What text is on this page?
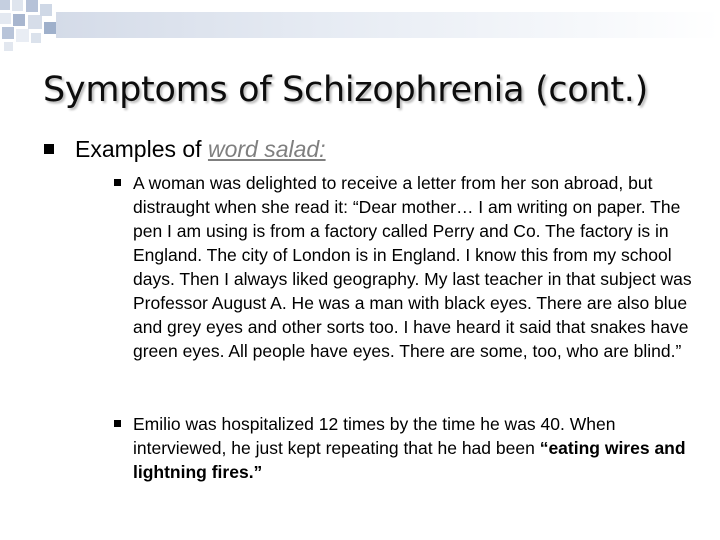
Symptoms of Schizophrenia (cont.)
Examples of word salad:
A woman was delighted to receive a letter from her son abroad, but distraught when she read it: “Dear mother… I am writing on paper. The pen I am using is from a factory called Perry and Co. The factory is in England. The city of London is in England. I know this from my school days. Then I always liked geography. My last teacher in that subject was Professor August A. He was a man with black eyes. There are also blue and grey eyes and other sorts too. I have heard it said that snakes have green eyes. All people have eyes. There are some, too, who are blind.”
Emilio was hospitalized 12 times by the time he was 40. When interviewed, he just kept repeating that he had been “eating wires and lightning fires.”
